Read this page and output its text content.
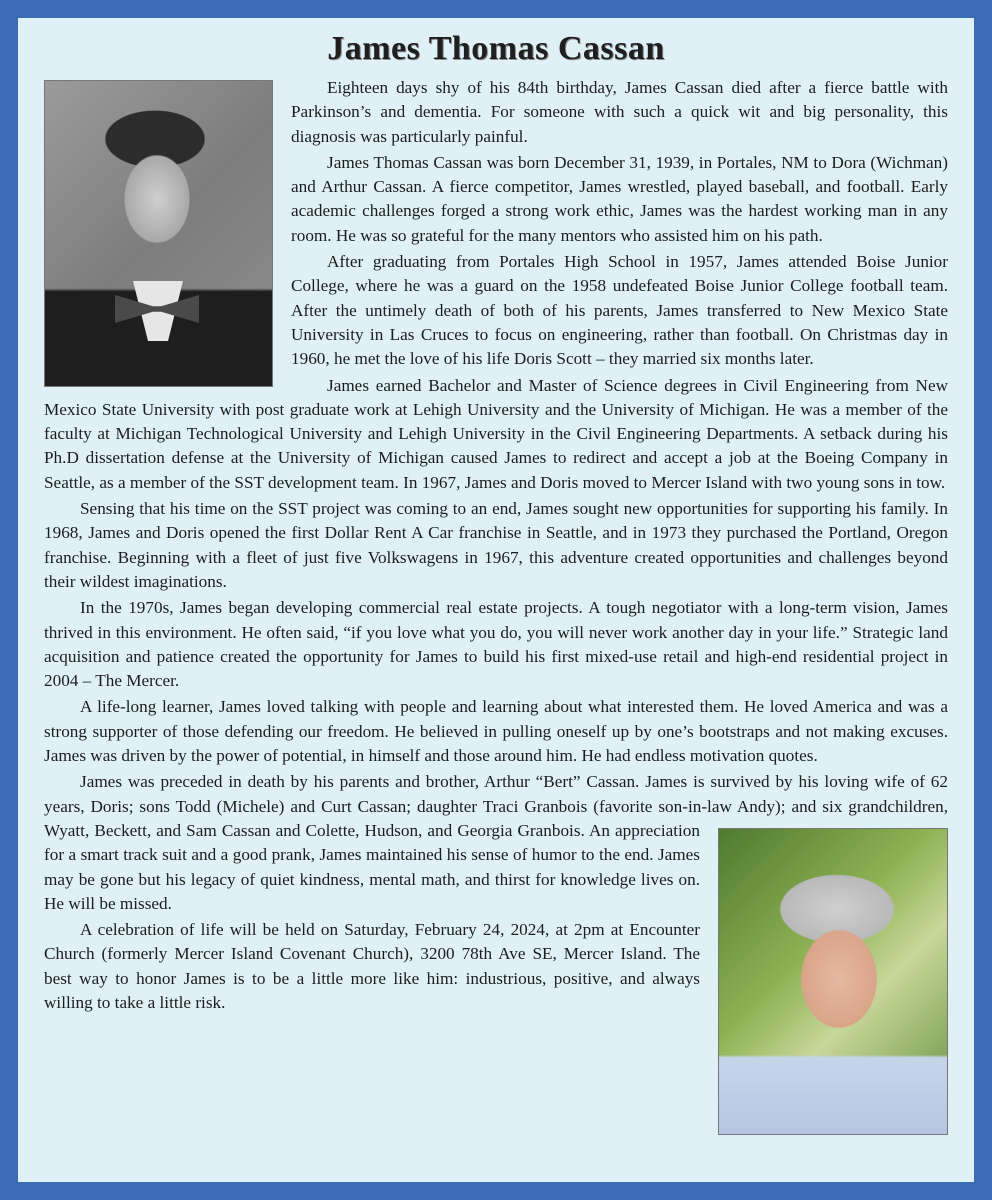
James Thomas Cassan

Eighteen days shy of his 84th birthday, James Cassan died after a fierce battle with Parkinson’s and dementia. For someone with such a quick wit and big personality, this diagnosis was particularly painful.

James Thomas Cassan was born December 31, 1939, in Portales, NM to Dora (Wichman) and Arthur Cassan. A fierce competitor, James wrestled, played baseball, and football. Early academic challenges forged a strong work ethic, James was the hardest working man in any room. He was so grateful for the many mentors who assisted him on his path.

After graduating from Portales High School in 1957, James attended Boise Junior College, where he was a guard on the 1958 undefeated Boise Junior College football team. After the untimely death of both of his parents, James transferred to New Mexico State University in Las Cruces to focus on engineering, rather than football. On Christmas day in 1960, he met the love of his life Doris Scott – they married six months later.

James earned Bachelor and Master of Science degrees in Civil Engineering from New Mexico State University with post graduate work at Lehigh University and the University of Michigan. He was a member of the faculty at Michigan Technological University and Lehigh University in the Civil Engineering Departments. A setback during his Ph.D dissertation defense at the University of Michigan caused James to redirect and accept a job at the Boeing Company in Seattle, as a member of the SST development team. In 1967, James and Doris moved to Mercer Island with two young sons in tow.

Sensing that his time on the SST project was coming to an end, James sought new opportunities for supporting his family. In 1968, James and Doris opened the first Dollar Rent A Car franchise in Seattle, and in 1973 they purchased the Portland, Oregon franchise. Beginning with a fleet of just five Volkswagens in 1967, this adventure created opportunities and challenges beyond their wildest imaginations.

In the 1970s, James began developing commercial real estate projects. A tough negotiator with a long-term vision, James thrived in this environment. He often said, “if you love what you do, you will never work another day in your life.” Strategic land acquisition and patience created the opportunity for James to build his first mixed-use retail and high-end residential project in 2004 – The Mercer.

A life-long learner, James loved talking with people and learning about what interested them. He loved America and was a strong supporter of those defending our freedom. He believed in pulling oneself up by one’s bootstraps and not making excuses. James was driven by the power of potential, in himself and those around him. He had endless motivation quotes.

James was preceded in death by his parents and brother, Arthur “Bert” Cassan. James is survived by his loving wife of 62 years, Doris; sons Todd (Michele) and Curt Cassan; daughter Traci Granbois (favorite son-in-law Andy); and six grandchildren, Wyatt, Beckett, and Sam Cassan and Colette, Hudson, and Georgia Granbois. An appreciation for a smart track suit and a good prank, James maintained his sense of humor to the end. James may be gone but his legacy of quiet kindness, mental math, and thirst for knowledge lives on. He will be missed.

A celebration of life will be held on Saturday, February 24, 2024, at 2pm at Encounter Church (formerly Mercer Island Covenant Church), 3200 78th Ave SE, Mercer Island. The best way to honor James is to be a little more like him: industrious, positive, and always willing to take a little risk.
